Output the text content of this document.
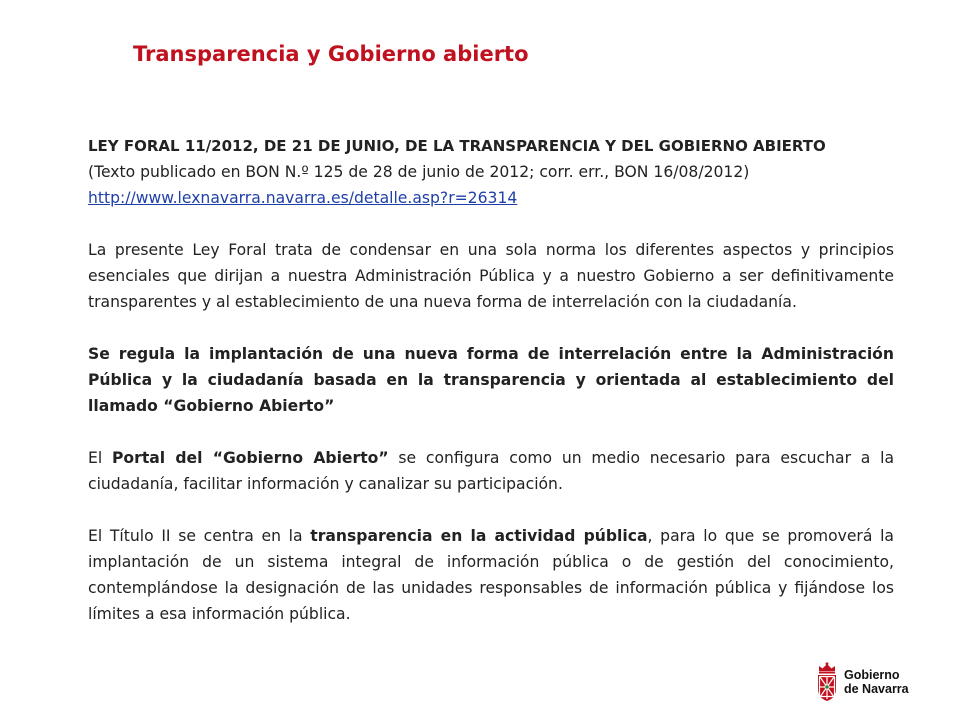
Transparencia y Gobierno abierto
LEY FORAL 11/2012, DE 21 DE JUNIO, DE LA TRANSPARENCIA Y DEL GOBIERNO ABIERTO
(Texto publicado en BON N.º 125 de 28 de junio de 2012; corr. err., BON 16/08/2012)
http://www.lexnavarra.navarra.es/detalle.asp?r=26314

La presente Ley Foral trata de condensar en una sola norma los diferentes aspectos y principios esenciales que dirijan a nuestra Administración Pública y a nuestro Gobierno a ser definitivamente transparentes y al establecimiento de una nueva forma de interrelación con la ciudadanía.

Se regula la implantación de una nueva forma de interrelación entre la Administración Pública y la ciudadanía basada en la transparencia y orientada al establecimiento del llamado “Gobierno Abierto”

El Portal del “Gobierno Abierto” se configura como un medio necesario para escuchar a la ciudadanía, facilitar información y canalizar su participación.

El Título II se centra en la transparencia en la actividad pública, para lo que se promoverá la implantación de un sistema integral de información pública o de gestión del conocimiento, contemplándose la designación de las unidades responsables de información pública y fijándose los límites a esa información pública.

Gobierno
de Navarra
